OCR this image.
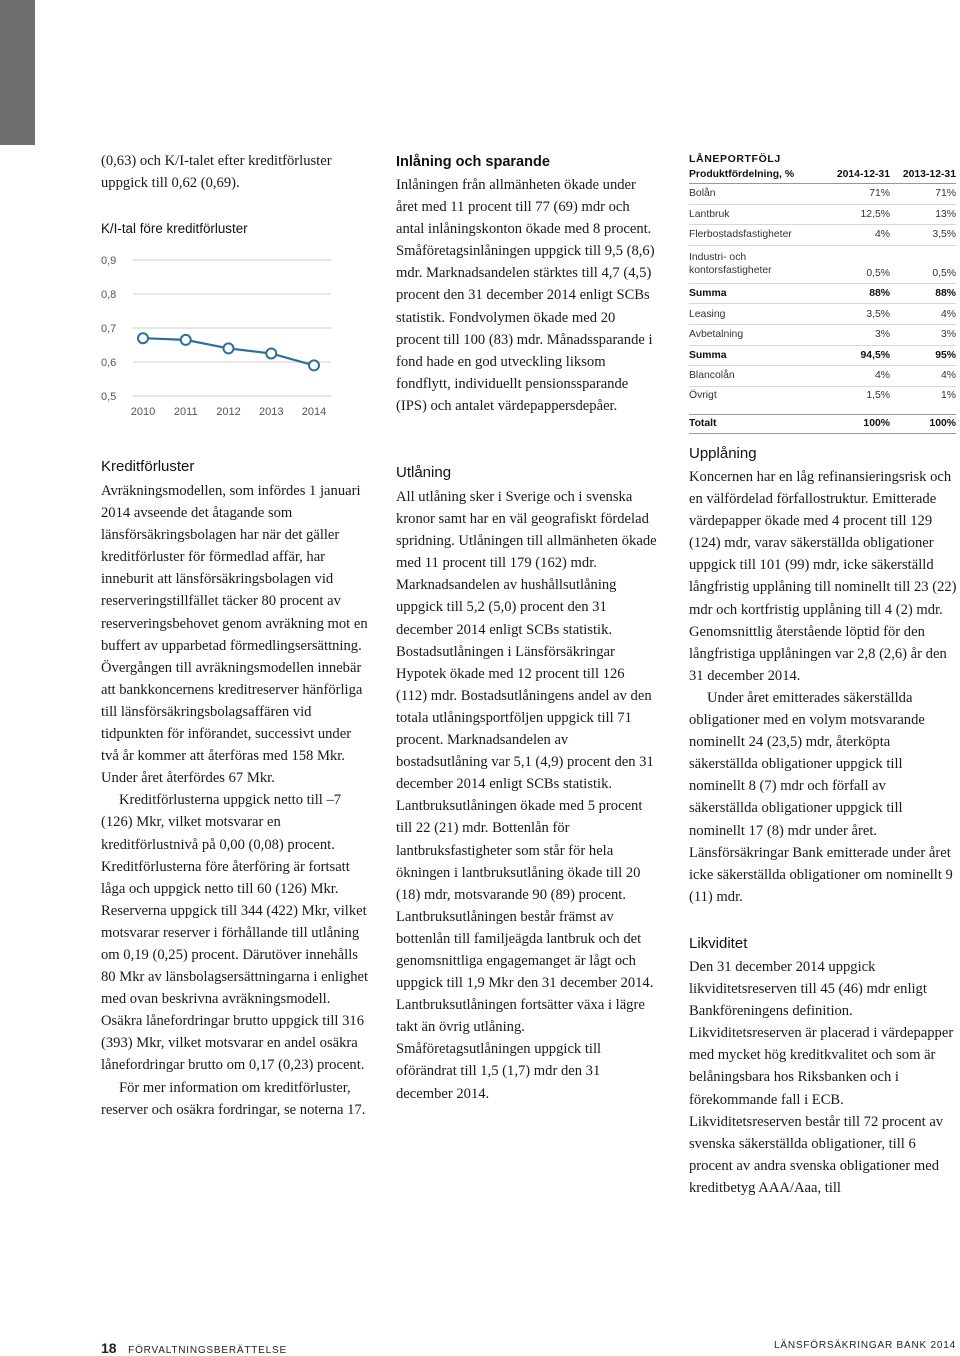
(0,63) och K/I-talet efter kreditförluster uppgick till 0,62 (0,69).

K/I-tal före kreditförluster
0,5
0,6
0,7
0,8
0,9
2010 2011 2012 2013 2014
Kreditförluster

Avräkningsmodellen, som infördes 1 januari 2014 avseende det åtagande som länsförsäkringsbolagen har när det gäller kreditförluster för förmedlad affär, har inneburit att länsförsäkringsbolagen vid reserveringstillfället täcker 80 procent av reserveringsbehovet genom avräkning mot en buffert av upparbetad förmedlingsersättning. Övergången till avräkningsmodellen innebär att bankkoncernens kreditreserver hänförliga till länsförsäkringsbolagsaffären vid tidpunkten för införandet, successivt under två år kommer att återföras med 158 Mkr. Under året återfördes 67 Mkr.

Kreditförlusterna uppgick netto till –7 (126) Mkr, vilket motsvarar en kreditförlustnivå på 0,00 (0,08) procent. Kreditförlusterna före återföring är fortsatt låga och uppgick netto till 60 (126) Mkr. Reserverna uppgick till 344 (422) Mkr, vilket motsvarar reserver i förhållande till utlåning om 0,19 (0,25) procent. Därutöver innehålls 80 Mkr av länsbolagsersättningarna i enlighet med ovan beskrivna avräkningsmodell. Osäkra lånefordringar brutto uppgick till 316 (393) Mkr, vilket motsvarar en andel osäkra lånefordringar brutto om 0,17 (0,23) procent.

För mer information om kreditförluster, reserver och osäkra fordringar, se noterna 17.

Inlåning och sparande

Inlåningen från allmänheten ökade under året med 11 procent till 77 (69) mdr och antal inlåningskonton ökade med 8 procent. Småföretagsinlåningen uppgick till 9,5 (8,6) mdr. Marknadsandelen stärktes till 4,7 (4,5) procent den 31 december 2014 enligt SCBs statistik. Fondvolymen ökade med 20 procent till 100 (83) mdr. Månadssparande i fond hade en god utveckling liksom fondflytt, individuellt pensionssparande (IPS) och antalet värdepappersdepåer.

Utlåning

All utlåning sker i Sverige och i svenska kronor samt har en väl geografiskt fördelad spridning. Utlåningen till allmänheten ökade med 11 procent till 179 (162) mdr. Marknadsandelen av hushållsutlåning uppgick till 5,2 (5,0) procent den 31 december 2014 enligt SCBs statistik. Bostadsutlåningen i Länsförsäkringar Hypotek ökade med 12 procent till 126 (112) mdr. Bostadsutlåningens andel av den totala utlåningsportföljen uppgick till 71 procent. Marknadsandelen av bostadsutlåning var 5,1 (4,9) procent den 31 december 2014 enligt SCBs statistik. Lantbruksutlåningen ökade med 5 procent till 22 (21) mdr. Bottenlån för lantbruksfastigheter som står för hela ökningen i lantbruksutlåning ökade till 20 (18) mdr, motsvarande 90 (89) procent. Lantbruksutlåningen består främst av bottenlån till familjeägda lantbruk och det genomsnittliga engagemanget är lågt och uppgick till 1,9 Mkr den 31 december 2014. Lantbruksutlåningen fortsätter växa i lägre takt än övrig utlåning. Småföretagsutlåningen uppgick till oförändrat till 1,5 (1,7) mdr den 31 december 2014.

LÅNEPORTFÖLJ
Produktfördelning, %	2014-12-31	2013-12-31
Bolån	71%	71%
Lantbruk	12,5%	13%
Flerbostadsfastigheter	4%	3,5%
Industri- och kontorsfastigheter	0,5%	0,5%
Summa	88%	88%
Leasing	3,5%	4%
Avbetalning	3%	3%
Summa	94,5%	95%
Blancolån	4%	4%
Övrigt	1,5%	1%
Totalt	100%	100%
Upplåning

Koncernen har en låg refinansieringsrisk och en välfördelad förfallostruktur. Emitterade värdepapper ökade med 4 procent till 129 (124) mdr, varav säkerställda obligationer uppgick till 101 (99) mdr, icke säkerställd långfristig upplåning till nominellt till 23 (22) mdr och kortfristig upplåning till 4 (2) mdr. Genomsnittlig återstående löptid för den långfristiga upplåningen var 2,8 (2,6) år den 31 december 2014.

Under året emitterades säkerställda obligationer med en volym motsvarande nominellt 24 (23,5) mdr, återköpta säkerställda obligationer uppgick till nominellt 8 (7) mdr och förfall av säkerställda obligationer uppgick till nominellt 17 (8) mdr under året. Länsförsäkringar Bank emitterade under året icke säkerställda obligationer om nominellt 9 (11) mdr.

Likviditet

Den 31 december 2014 uppgick likviditetsreserven till 45 (46) mdr enligt Bankföreningens definition. Likviditetsreserven är placerad i värdepapper med mycket hög kreditkvalitet och som är belåningsbara hos Riksbanken och i förekommande fall i ECB. Likviditetsreserven består till 72 procent av svenska säkerställda obligationer, till 6 procent av andra svenska obligationer med kreditbetyg AAA/Aaa, till

18 FÖRVALTNINGSBERÄTTELSE	LÄNSFÖRSÄKRINGAR BANK 2014
